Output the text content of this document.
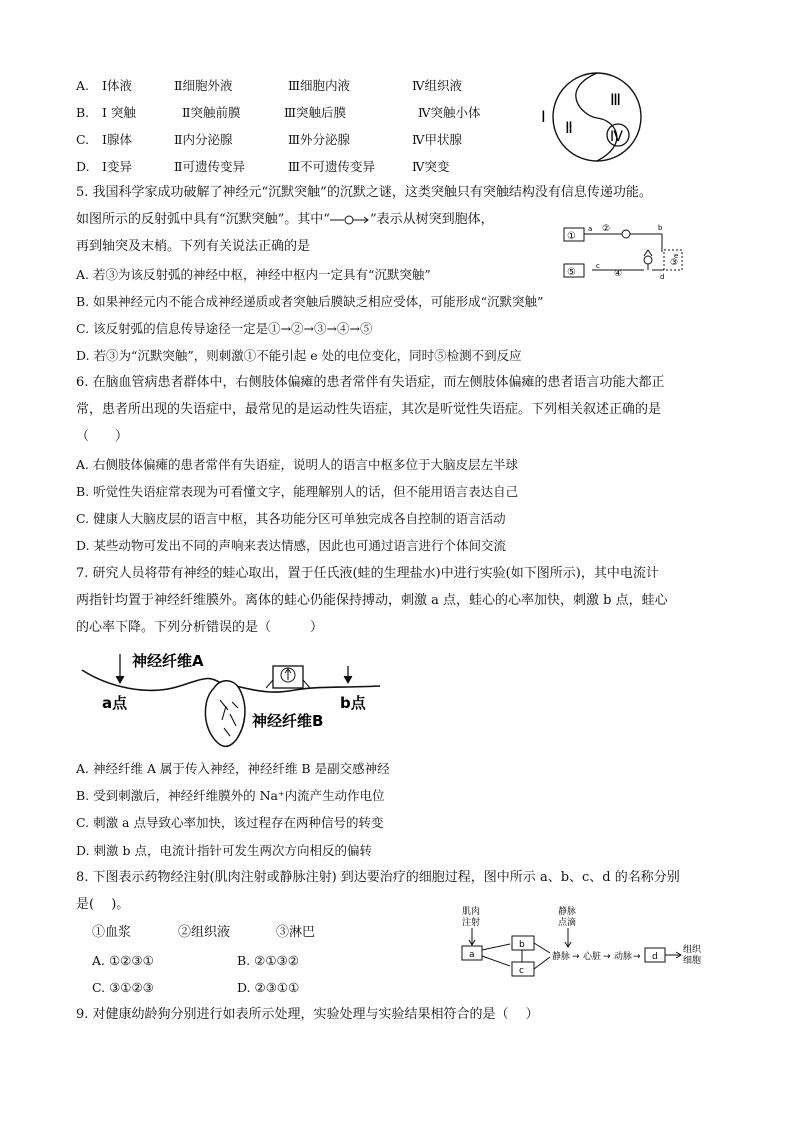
A. Ⅰ体液	Ⅱ细胞外液	Ⅲ细胞内液	Ⅳ组织液
B. Ⅰ 突触	Ⅱ突触前膜	Ⅲ突触后膜	Ⅳ突触小体
C. Ⅰ腺体	Ⅱ内分泌腺	Ⅲ外分泌腺	Ⅳ甲状腺
D. Ⅰ变异	Ⅱ可遗传变异	Ⅲ不可遗传变异	Ⅳ突变
Ⅰ
Ⅲ
Ⅱ	Ⅳ
5. 我国科学家成功破解了神经元“沉默突触”的沉默之谜，这类突触只有突触结构没有信息传递功能。
如图所示的反射弧中具有“沉默突触”。其中“	”表示从树突到胞体，
再到轴突及末梢。下列有关说法正确的是
①
a ②	b
③
e
d
⑤
c
④
A. 若③为该反射弧的神经中枢，神经中枢内一定具有“沉默突触”
B. 如果神经元内不能合成神经递质或者突触后膜缺乏相应受体，可能形成“沉默突触”
C. 该反射弧的信息传导途径一定是①→②→③→④→⑤
D. 若③为“沉默突触”，则刺激①不能引起 e 处的电位变化，同时⑤检测不到反应
6. 在脑血管病患者群体中，右侧肢体偏瘫的患者常伴有失语症，而左侧肢体偏瘫的患者语言功能大都正
常，患者所出现的失语症中，最常见的是运动性失语症，其次是听觉性失语症。下列相关叙述正确的是
（　　）
A. 右侧肢体偏瘫的患者常伴有失语症，说明人的语言中枢多位于大脑皮层左半球
B. 听觉性失语症常表现为可看懂文字，能理解别人的话，但不能用语言表达自己
C. 健康人大脑皮层的语言中枢，其各功能分区可单独完成各自控制的语言活动
D. 某些动物可发出不同的声响来表达情感，因此也可通过语言进行个体间交流
7. 研究人员将带有神经的蛙心取出，置于任氏液(蛙的生理盐水)中进行实验(如下图所示)，其中电流计
两指针均置于神经纤维膜外。离体的蛙心仍能保持搏动，刺激 a 点，蛙心的心率加快，刺激 b 点，蛙心
的心率下降。下列分析错误的是（　　　）
神经纤维A
a点	b点
神经纤维B
A. 神经纤维 A 属于传入神经，神经纤维 B 是副交感神经
B. 受到刺激后，神经纤维膜外的 Na⁺内流产生动作电位
C. 刺激 a 点导致心率加快，该过程存在两种信号的转变
D. 刺激 b 点，电流计指针可发生两次方向相反的偏转
8. 下图表示药物经注射(肌肉注射或静脉注射) 到达要治疗的细胞过程，图中所示 a、b、c、d 的名称分别
是(　 )。
①血浆	②组织液	③淋巴
A. ①②③①	B. ②①③②
C. ③①②③	D. ②③①①
肌肉
注射
a
b
c
静脉
点滴
静脉 → 心脏 → 动脉 → d
组织
细胞
9. 对健康幼龄狗分别进行如表所示处理，实验处理与实验结果相符合的是（　 ）
